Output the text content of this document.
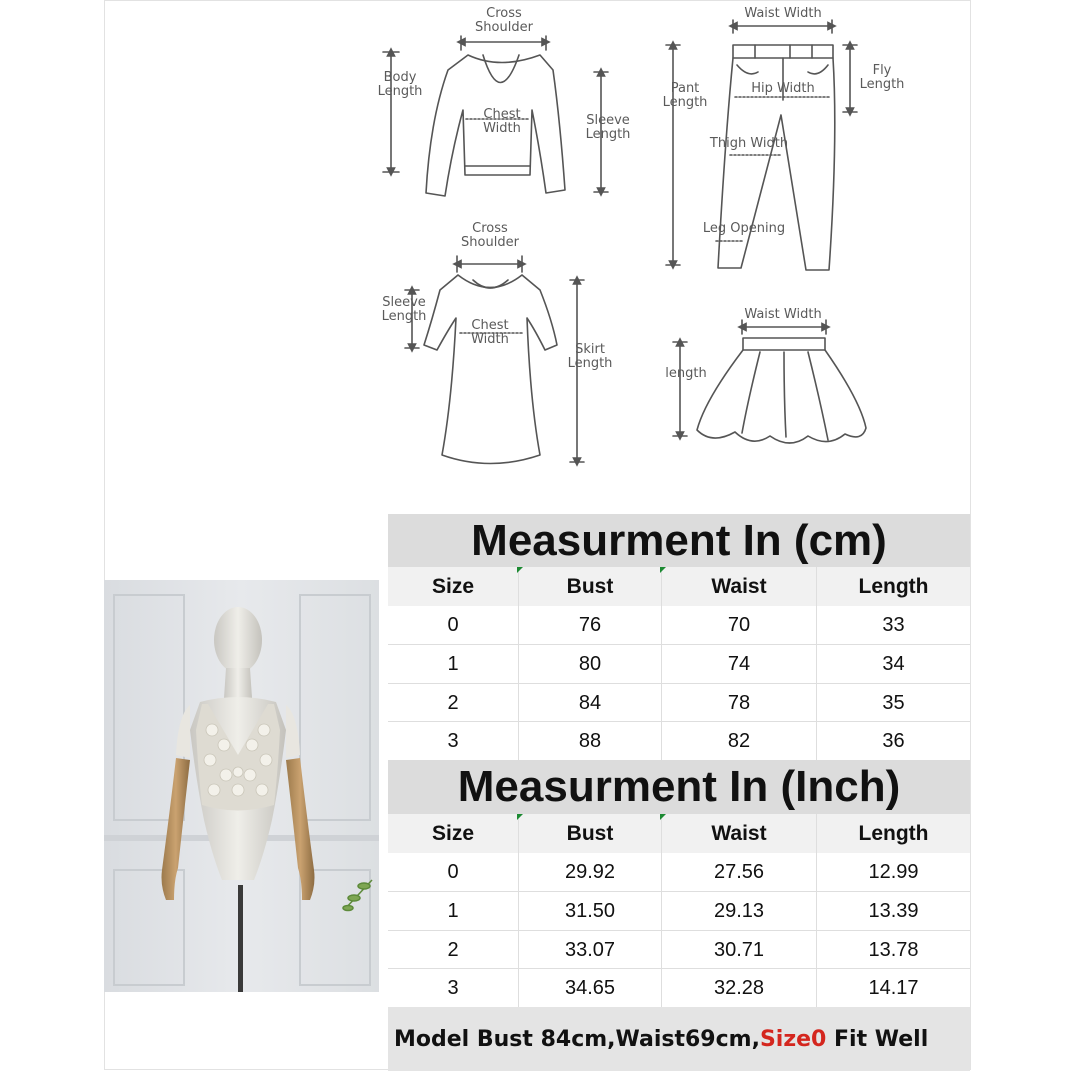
Cross
Shoulder
Body
Length
Chest
Width
Sleeve
Length
Waist Width
Pant
Length
Fly
Length
Hip Width
Thigh Width
Leg Opening
Cross
Shoulder
Sleeve
Length
Chest
Width
Skirt
Length
Waist Width
length
Measurment In (cm)
Size	Bust	Waist	Length
0	76	70	33
1	80	74	34
2	84	78	35
3	88	82	36
Measurment In (Inch)
Size	Bust	Waist	Length
0	29.92	27.56	12.99
1	31.50	29.13	13.39
2	33.07	30.71	13.78
3	34.65	32.28	14.17
Model Bust 84cm,Waist69cm, Size0 Fit Well
